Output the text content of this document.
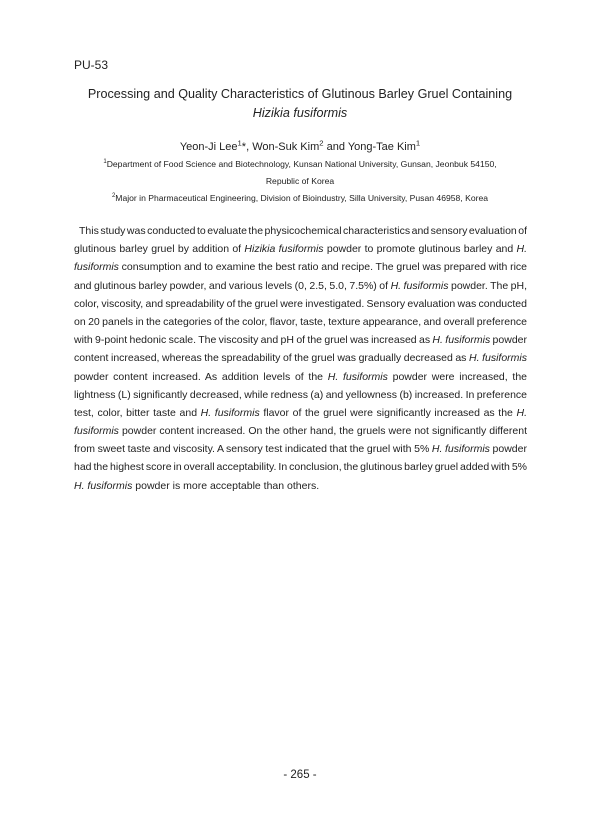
PU-53
Processing and Quality Characteristics of Glutinous Barley Gruel Containing
Hizikia fusiformis
Yeon-Ji Lee$^1$*, Won-Suk Kim$^2$ and Yong-Tae Kim$^1$
$^1$Department of Food Science and Biotechnology, Kunsan National University, Gunsan, Jeonbuk 54150,
Republic of Korea
$^2$Major in Pharmaceutical Engineering, Division of Bioindustry, Silla University, Pusan 46958, Korea
This study was conducted to evaluate the physicochemical characteristics and sensory evaluation of
glutinous barley gruel by addition of Hizikia fusiformis powder to promote glutinous barley and H.
fusiformis consumption and to examine the best ratio and recipe. The gruel was prepared with rice
and glutinous barley powder, and various levels (0, 2.5, 5.0, 7.5%) of H. fusiformis powder. The pH,
color, viscosity, and spreadability of the gruel were investigated. Sensory evaluation was conducted
on 20 panels in the categories of the color, flavor, taste, texture appearance, and overall preference
with 9-point hedonic scale. The viscosity and pH of the gruel was increased as H. fusiformis powder
content increased, whereas the spreadability of the gruel was gradually decreased as H. fusiformis
powder content increased. As addition levels of the H. fusiformis powder were increased, the
lightness (L) significantly decreased, while redness (a) and yellowness (b) increased. In preference
test, color, bitter taste and H. fusiformis flavor of the gruel were significantly increased as the H.
fusiformis powder content increased. On the other hand, the gruels were not significantly different
from sweet taste and viscosity. A sensory test indicated that the gruel with 5% H. fusiformis powder
had the highest score in overall acceptability. In conclusion, the glutinous barley gruel added with 5%
H. fusiformis powder is more acceptable than others.
- 265 -
